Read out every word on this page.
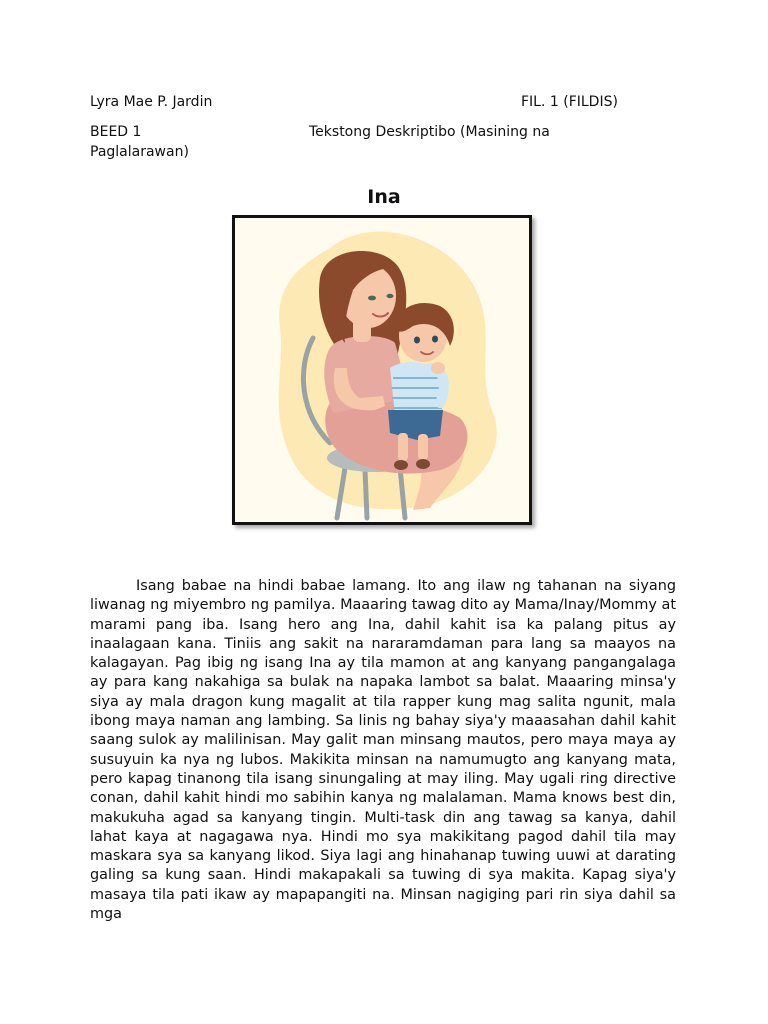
Lyra Mae P. Jardin	FIL. 1 (FILDIS)
BEED 1	Tekstong Deskriptibo (Masining na Paglalarawan)
Ina

Isang babae na hindi babae lamang. Ito ang ilaw ng tahanan na siyang liwanag ng miyembro ng pamilya. Maaaring tawag dito ay Mama/Inay/Mommy at marami pang iba. Isang hero ang Ina, dahil kahit isa ka palang pitus ay inaalagaan kana. Tiniis ang sakit na nararamdaman para lang sa maayos na kalagayan. Pag ibig ng isang Ina ay tila mamon at ang kanyang pangangalaga ay para kang nakahiga sa bulak na napaka lambot sa balat. Maaaring minsa'y siya ay mala dragon kung magalit at tila rapper kung mag salita ngunit, mala ibong maya naman ang lambing. Sa linis ng bahay siya'y maaasahan dahil kahit saang sulok ay malilinisan. May galit man minsang mautos, pero maya maya ay susuyuin ka nya ng lubos. Makikita minsan na namumugto ang kanyang mata, pero kapag tinanong tila isang sinungaling at may iling. May ugali ring directive conan, dahil kahit hindi mo sabihin kanya ng malalaman. Mama knows best din, makukuha agad sa kanyang tingin. Multi-task din ang tawag sa kanya, dahil lahat kaya at nagagawa nya. Hindi mo sya makikitang pagod dahil tila may maskara sya sa kanyang likod. Siya lagi ang hinahanap tuwing uuwi at darating galing sa kung saan. Hindi makapakali sa tuwing di sya makita. Kapag siya'y masaya tila pati ikaw ay mapapangiti na. Minsan nagiging pari rin siya dahil sa mga
